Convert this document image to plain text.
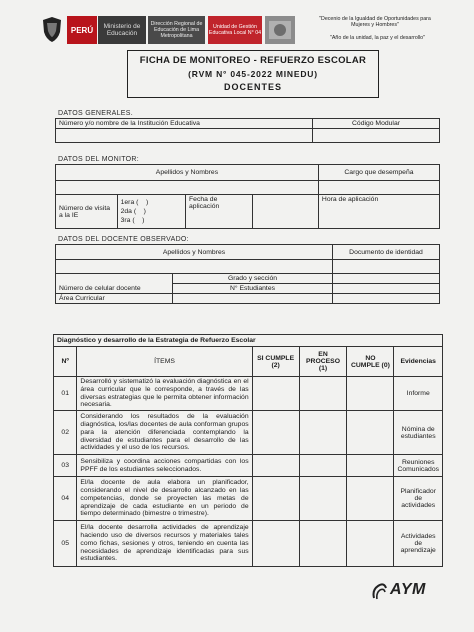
PERÚ	Ministerio de Educación
Dirección Regional de Educación de Lima Metropolitana
Unidad de Gestión Educativa Local N° 04
"Decenio de la Igualdad de Oportunidades para Mujeres y Hombres"
"Año de la unidad, la paz y el desarrollo"
FICHA DE MONITOREO - REFUERZO ESCOLAR
(RVM N° 045-2022 MINEDU)
DOCENTES
DATOS GENERALES.
Número y/o nombre de la Institución Educativa	Código Modular

DATOS DEL MONITOR:
Apellidos y Nombres				Cargo que desempeña

Número de visita a la IE	1era (    )
2da (    )
3ra (    )	Fecha de aplicación		Hora de aplicación
DATOS DEL DOCENTE OBSERVADO:
Apellidos y Nombres		Documento de identidad

Número de celular docente	Grado y sección	
	N° Estudiantes	
Área Curricular		
Diagnóstico y desarrollo de la Estrategia de Refuerzo Escolar					
Nº	ÍTEMS	SI CUMPLE (2)	EN PROCESO (1)	NO CUMPLE (0)	Evidencias
01	Desarrolló y sistematizó la evaluación diagnóstica en el área curricular que le corresponde, a través de las diversas estrategias que le permita obtener información necesaria.				Informe
02	Considerando los resultados de la evaluación diagnóstica, los/las docentes de aula conforman grupos para la atención diferenciada contemplando la diversidad de estudiantes para el desarrollo de las actividades y el uso de los recursos.				Nómina de estudiantes
03	Sensibiliza y coordina acciones compartidas con los PPFF de los estudiantes seleccionados.				Reuniones Comunicados
04	El/la docente de aula elabora un planificador, considerando el nivel de desarrollo alcanzado en las competencias, donde se proyecten las metas de aprendizaje de cada estudiante en un periodo de tiempo determinado (bimestre o trimestre).				Planificador de actividades
05	El/la docente desarrolla actividades de aprendizaje haciendo uso de diversos recursos y materiales tales como fichas, sesiones y otros, teniendo en cuenta las necesidades de aprendizaje identificadas para sus estudiantes.				Actividades de aprendizaje
AYM
